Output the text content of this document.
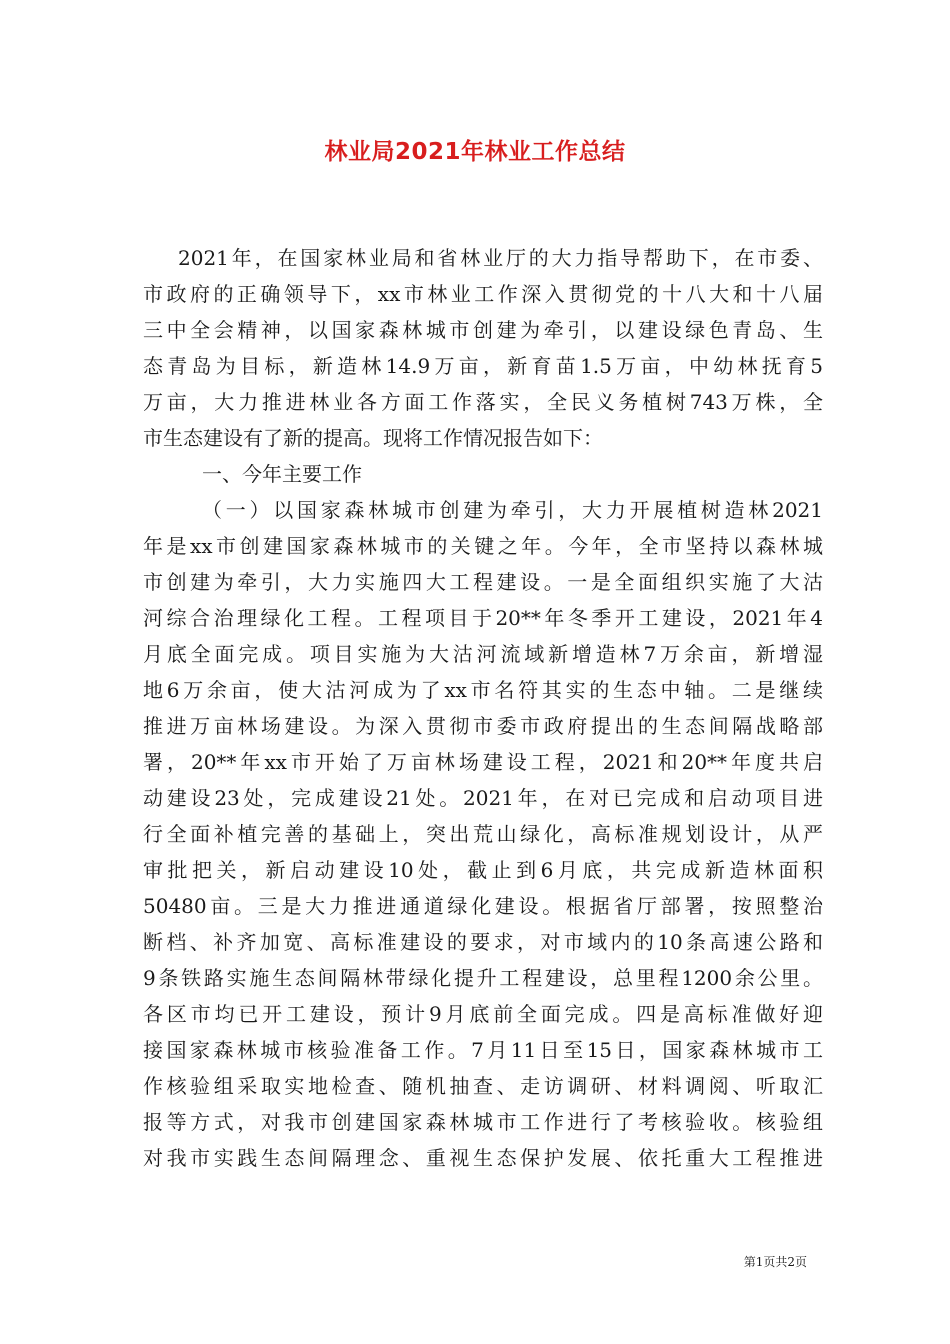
林业局2021年林业工作总结
2021年，在国家林业局和省林业厅的大力指导帮助下，在市委、
市政府的正确领导下，xx市林业工作深入贯彻党的十八大和十八届
三中全会精神，以国家森林城市创建为牵引，以建设绿色青岛、生
态青岛为目标，新造林14.9万亩，新育苗1.5万亩，中幼林抚育5
万亩，大力推进林业各方面工作落实，全民义务植树743万株，全
市生态建设有了新的提高。现将工作情况报告如下：
一、今年主要工作
（一）以国家森林城市创建为牵引，大力开展植树造林2021
年是xx市创建国家森林城市的关键之年。今年，全市坚持以森林城
市创建为牵引，大力实施四大工程建设。一是全面组织实施了大沽
河综合治理绿化工程。工程项目于20**年冬季开工建设，2021年4
月底全面完成。项目实施为大沽河流域新增造林7万余亩，新增湿
地6万余亩，使大沽河成为了xx市名符其实的生态中轴。二是继续
推进万亩林场建设。为深入贯彻市委市政府提出的生态间隔战略部
署，20**年xx市开始了万亩林场建设工程，2021和20**年度共启
动建设23处，完成建设21处。2021年，在对已完成和启动项目进
行全面补植完善的基础上，突出荒山绿化，高标准规划设计，从严
审批把关，新启动建设10处，截止到6月底，共完成新造林面积
50480亩。三是大力推进通道绿化建设。根据省厅部署，按照整治
断档、补齐加宽、高标准建设的要求，对市域内的10条高速公路和
9条铁路实施生态间隔林带绿化提升工程建设，总里程1200余公里。
各区市均已开工建设，预计9月底前全面完成。四是高标准做好迎
接国家森林城市核验准备工作。7月11日至15日，国家森林城市工
作核验组采取实地检查、随机抽查、走访调研、材料调阅、听取汇
报等方式，对我市创建国家森林城市工作进行了考核验收。核验组
对我市实践生态间隔理念、重视生态保护发展、依托重大工程推进
第1页共2页
